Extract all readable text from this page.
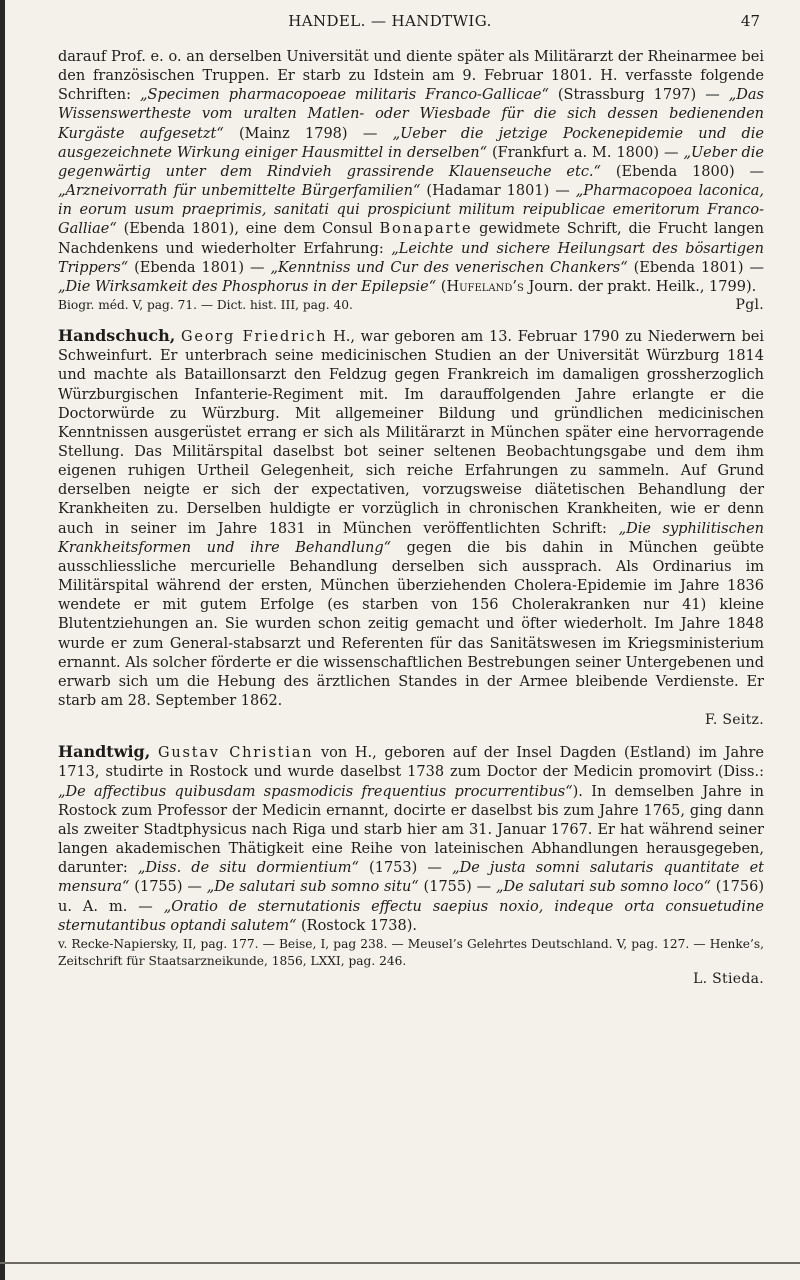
HANDEL. — HANDTWIG.	47

darauf Prof. e. o. an derselben Universität und diente später als Militärarzt der Rheinarmee bei den französischen Truppen. Er starb zu Idstein am 9. Februar 1801. H. verfasste folgende Schriften: „Specimen pharmacopoeae militaris Franco-Gallicae“ (Strassburg 1797) — „Das Wissenswertheste vom uralten Matlen- oder Wiesbade für die sich dessen bedienenden Kurgäste aufgesetzt“ (Mainz 1798) — „Ueber die jetzige Pockenepidemie und die ausgezeichnete Wirkung einiger Hausmittel in derselben“ (Frankfurt a. M. 1800) — „Ueber die gegenwärtig unter dem Rindvieh grassirende Klauenseuche etc.“ (Ebenda 1800) — „Arzneivorrath für unbemittelte Bürgerfamilien“ (Hadamar 1801) — „Pharmacopoea laconica, in eorum usum praeprimis, sanitati qui prospiciunt militum reipublicae emeritorum Franco-Galliae“ (Ebenda 1801), eine dem Consul Bonaparte gewidmete Schrift, die Frucht langen Nachdenkens und wiederholter Erfahrung: „Leichte und sichere Heilungsart des bösartigen Trippers“ (Ebenda 1801) — „Kenntniss und Cur des venerischen Chankers“ (Ebenda 1801) — „Die Wirksamkeit des Phosphorus in der Epilepsie“ (Hufeland’s Journ. der prakt. Heilk., 1799).

Biogr. méd. V, pag. 71. — Dict. hist. III, pag. 40.	Pgl.

Handschuch, Georg Friedrich H., war geboren am 13. Februar 1790 zu Niederwern bei Schweinfurt. Er unterbrach seine medicinischen Studien an der Universität Würzburg 1814 und machte als Bataillonsarzt den Feldzug gegen Frankreich im damaligen grossherzoglich Würzburgischen Infanterie-Regiment mit. Im darauffolgenden Jahre erlangte er die Doctorwürde zu Würzburg. Mit allgemeiner Bildung und gründlichen medicinischen Kenntnissen ausgerüstet errang er sich als Militärarzt in München später eine hervorragende Stellung. Das Militärspital daselbst bot seiner seltenen Beobachtungsgabe und dem ihm eigenen ruhigen Urtheil Gelegenheit, sich reiche Erfahrungen zu sammeln. Auf Grund derselben neigte er sich der expectativen, vorzugsweise diätetischen Behandlung der Krankheiten zu. Derselben huldigte er vorzüglich in chronischen Krankheiten, wie er denn auch in seiner im Jahre 1831 in München veröffentlichten Schrift: „Die syphilitischen Krankheitsformen und ihre Behandlung“ gegen die bis dahin in München geübte ausschliessliche mercurielle Behandlung derselben sich aussprach. Als Ordinarius im Militärspital während der ersten, München überziehenden Cholera-Epidemie im Jahre 1836 wendete er mit gutem Erfolge (es starben von 156 Cholerakranken nur 41) kleine Blutentziehungen an. Sie wurden schon zeitig gemacht und öfter wiederholt. Im Jahre 1848 wurde er zum General-stabsarzt und Referenten für das Sanitätswesen im Kriegsministerium ernannt. Als solcher förderte er die wissenschaftlichen Bestrebungen seiner Untergebenen und erwarb sich um die Hebung des ärztlichen Standes in der Armee bleibende Verdienste. Er starb am 28. September 1862.

F. Seitz.

Handtwig, Gustav Christian von H., geboren auf der Insel Dagden (Estland) im Jahre 1713, studirte in Rostock und wurde daselbst 1738 zum Doctor der Medicin promovirt (Diss.: „De affectibus quibusdam spasmodicis frequentius procurrentibus“). In demselben Jahre in Rostock zum Professor der Medicin ernannt, docirte er daselbst bis zum Jahre 1765, ging dann als zweiter Stadtphysicus nach Riga und starb hier am 31. Januar 1767. Er hat während seiner langen akademischen Thätigkeit eine Reihe von lateinischen Abhandlungen herausgegeben, darunter: „Diss. de situ dormientium“ (1753) — „De justa somni salutaris quantitate et mensura“ (1755) — „De salutari sub somno situ“ (1755) — „De salutari sub somno loco“ (1756) u. A. m. — „Oratio de sternutationis effectu saepius noxio, indeque orta consuetudine sternutantibus optandi salutem“ (Rostock 1738).

v. Recke-Napiersky, II, pag. 177. — Beise, I, pag 238. — Meusel’s Gelehrtes Deutschland. V, pag. 127. — Henke’s, Zeitschrift für Staatsarzneikunde, 1856, LXXI, pag. 246.

L. Stieda.
